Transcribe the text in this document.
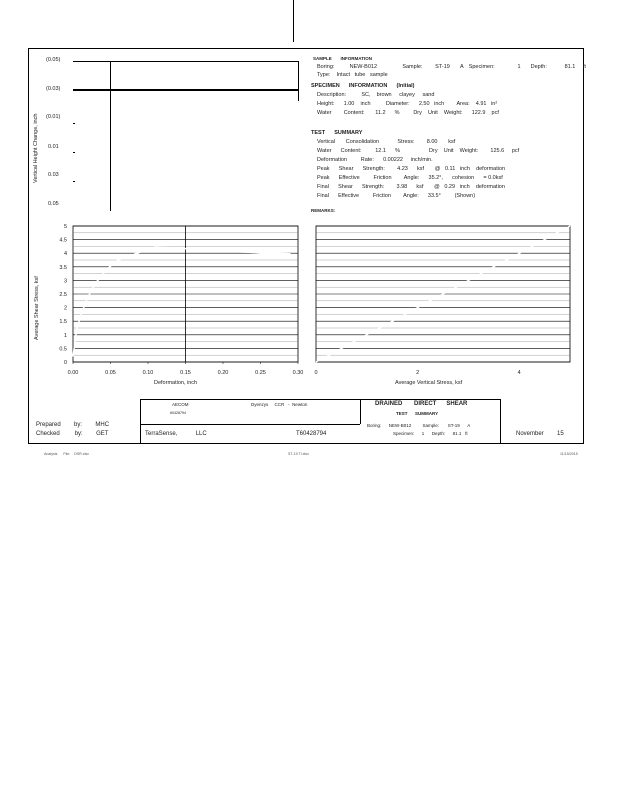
(0.05)
(0.03)
(0.01)
0.01
0.03
0.05
Vertical Height Change, inch
0
0.5
1
1.5
2
2.5
3
3.5
4
4.5
5
0.00	0.05	0.10	0.15	0.20	0.25	0.30
Average Shear Stress, ksf
Deformation, inch
0	2	4
Average Vertical Stress, ksf
SAMPLE INFORMATION
Boring:	NEW-B012	Sample: ST-19 A Specimen:	1 Depth:	81.1 ft
Type: Intact tube sample
SPECIMEN INFORMATION (Initial)
Description:	SC, brown clayey sand
Height: 1.00 inch	Diameter: 2.50 inch Area: 4.91 in²
Water Content: 11.2 %	Dry Unit Weight: 122.9 pcf
TEST SUMMARY
Vertical Consolidation	Stress: 8.00 ksf
Water Content:	12.1 %	Dry Unit Weight: 125.6 pcf
Deformation	Rate: 0.00222 inch/min.
Peak Shear Strength: 4.23 ksf @ 0.11 inch deformation
Peak Effective	Friction Angle: 35.2°, cohesion = 0.0ksf
Final Shear Strength: 3.98 ksf @ 0.29 inch deformation
Final Effective	Friction Angle: 33.5°	(Shown)
REMARKS:
AECOM
60428794
Dyenzys CCR - Newton	DRAINED DIRECT SHEAR
TEST SUMMARY
Boring: NEW-B012	Sample: ST-19 A
Specimen: 1 Depth: 81.1 ft
Prepared by: MHC
Checked	by: GET	TerraSense,	LLC	T60428794	November 15
Analysis File: DSR.xlsx	ST-19 TI.xlsx	11/15/2015
